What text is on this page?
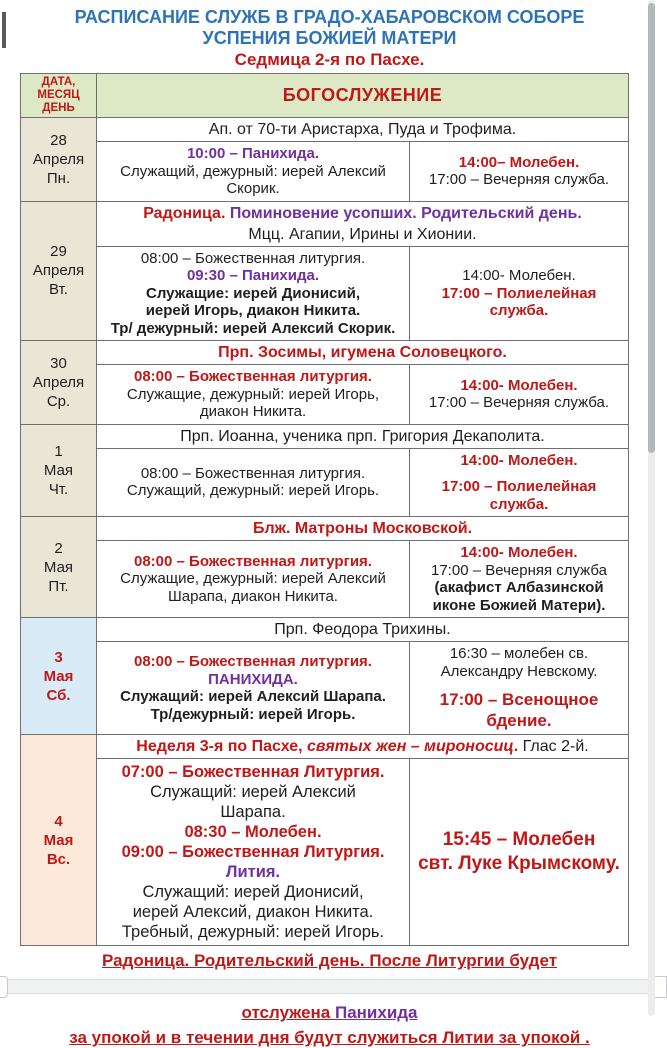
РАСПИСАНИЕ СЛУЖБ В ГРАДО-ХАБАРОВСКОМ СОБОРЕ
УСПЕНИЯ БОЖИЕЙ МАТЕРИ
Седмица 2-я по Пасхе.
ДАТА,
МЕСЯЦ
ДЕНЬ
БОГОСЛУЖЕНИЕ
28
Апреля
Пн.
Ап. от 70-ти Аристарха, Пуда и Трофима.
10:00 – Панихида.
Служащий, дежурный: иерей Алексий
Скорик.
14:00– Молебен.
17:00 – Вечерняя служба.
29
Апреля
Вт.
Радоница. Поминовение усопших. Родительский день.
Мцц. Агапии, Ирины и Хионии.
08:00 – Божественная литургия.
09:30 – Панихида.
Служащие: иерей Дионисий,
иерей Игорь, диакон Никита.
Тр/ дежурный: иерей Алексий Скорик.
14:00- Молебен.
17:00 – Полиелейная
служба.
30
Апреля
Ср.
Прп. Зосимы, игумена Соловецкого.
08:00 – Божественная литургия.
Служащие, дежурный: иерей Игорь,
диакон Никита.
14:00- Молебен.
17:00 – Вечерняя служба.
1
Мая
Чт.
Прп. Иоанна, ученика прп. Григория Декаполита.
08:00 – Божественная литургия.
Служащий, дежурный: иерей Игорь.
14:00- Молебен.
17:00 – Полиелейная
служба.
2
Мая
Пт.
Блж. Матроны Московской.
08:00 – Божественная литургия.
Служащие, дежурный: иерей Алексий
Шарапа, диакон Никита.
14:00- Молебен.
17:00 – Вечерняя служба
(акафист Албазинской
иконе Божией Матери).
3
Мая
Сб.
Прп. Феодора Трихины.
08:00 – Божественная литургия.
ПАНИХИДА.
Служащий: иерей Алексий Шарапа.
Тр/дежурный: иерей Игорь.
16:30 – молебен св.
Александру Невскому.
17:00 – Всенощное
бдение.
4
Мая
Вс.
Неделя 3-я по Пасхе, святых жен – мироносиц. Глас 2-й.
07:00 – Божественная Литургия.
Служащий: иерей Алексий
Шарапа.
08:30 – Молебен.
09:00 – Божественная Литургия.
Лития.
Служащий: иерей Дионисий,
иерей Алексий, диакон Никита.
Требный, дежурный: иерей Игорь.
15:45 – Молебен
свт. Луке Крымскому.
Радоница. Родительский день. После Литургии будет
отслужена Панихида
за упокой и в течении дня будут служиться Литии за упокой .
